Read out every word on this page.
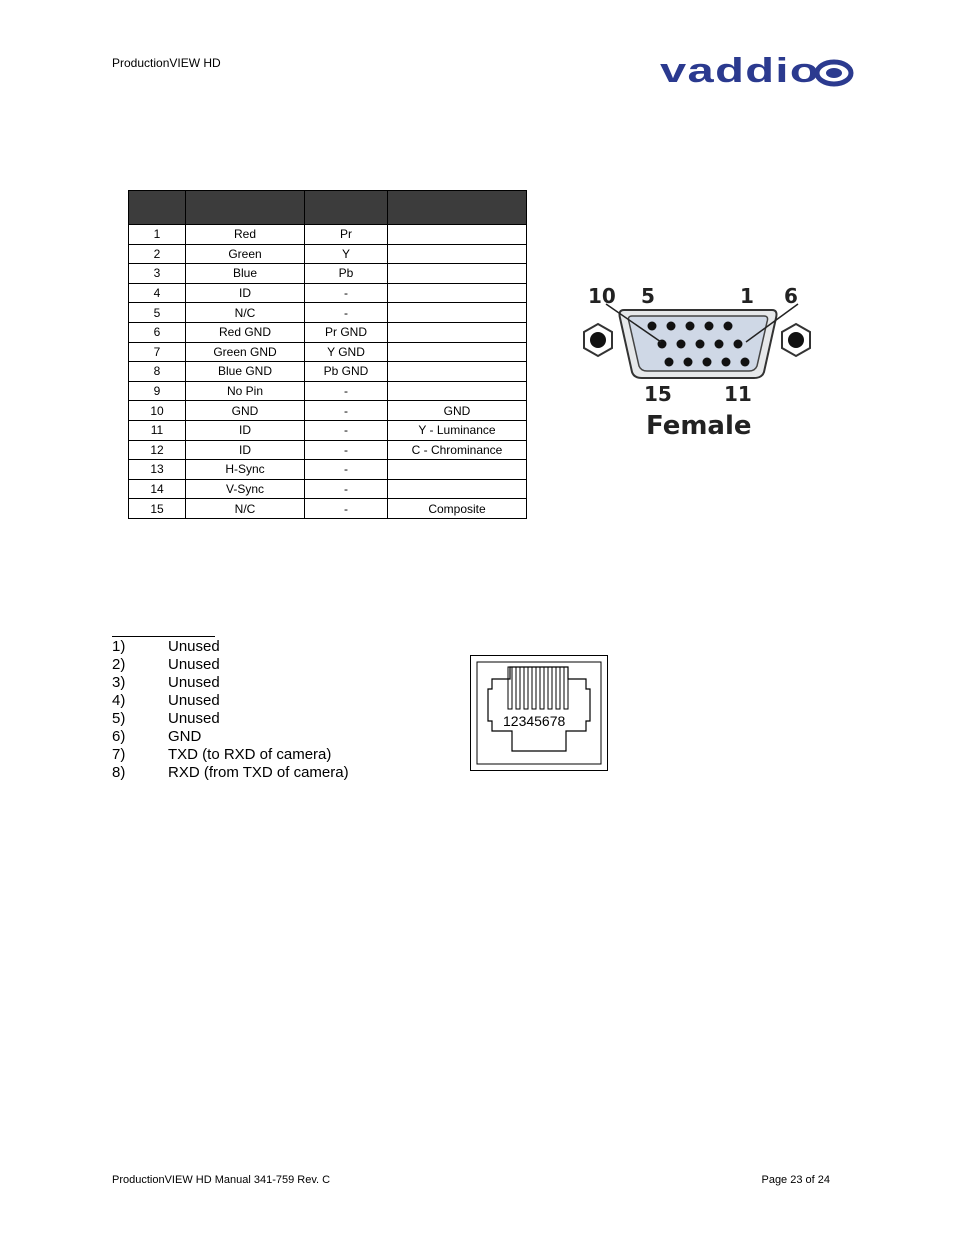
ProductionVIEW HD	vaddio

1	Red	Pr	
2	Green	Y	
3	Blue	Pb	
4	ID	-	
5	N/C	-	
6	Red GND	Pr GND	
7	Green GND	Y GND	
8	Blue GND	Pb GND	
9	No Pin	-	
10	GND	-	GND
11	ID	-	Y - Luminance
12	ID	-	C - Chrominance
13	H-Sync	-	
14	V-Sync	-	
15	N/C	-	Composite
10 5	1 6
15	11
Female
1)	Unused
2)	Unused
3)	Unused
4)	Unused
5)	Unused
6)	GND
7)	TXD (to RXD of camera)
8)	RXD (from TXD of camera)
12345678
ProductionVIEW HD Manual 341-759 Rev. C	Page 23 of 24
